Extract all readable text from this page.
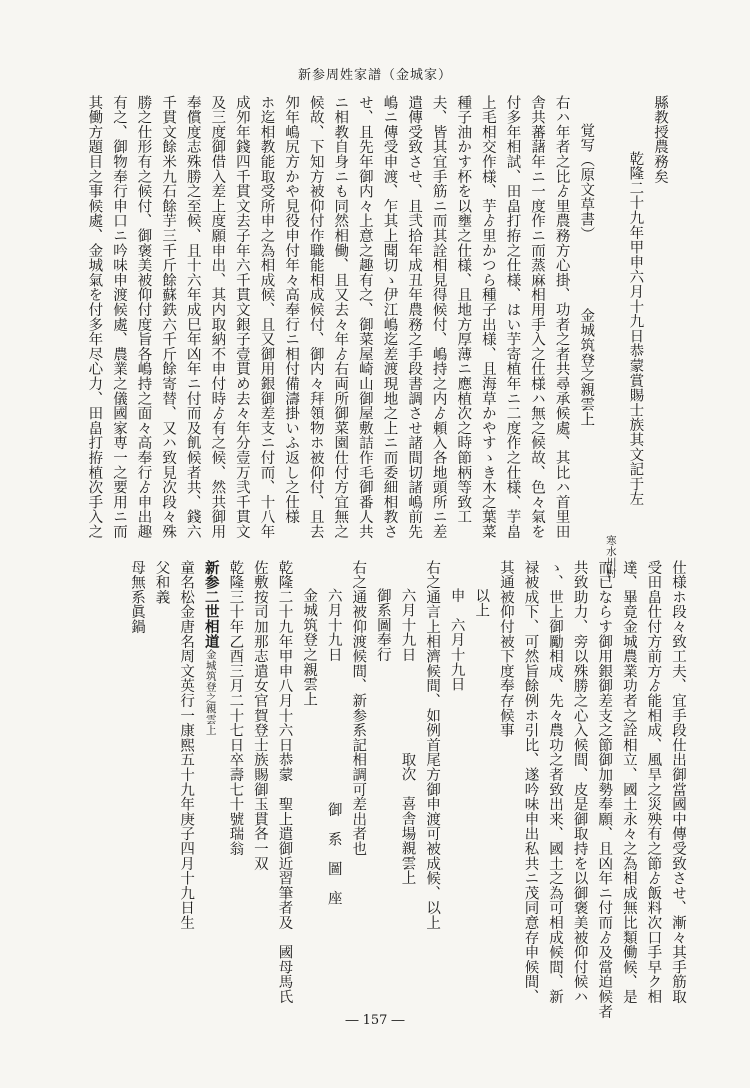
新参周姓家譜（金城家）
縣教授農務矣
乾隆二十九年甲申六月十九日恭蒙賞賜士族其文記于左
寒水川村
覚写（原文草書）　　　　　金城筑登之親雲上
右ハ年者之比ゟ里農務方心掛、功者之者共尋承候處、其比ハ首里田
舎共蕃藷年ニ一度作ニ而蒸麻相用手入之仕様ハ無之候故、色々氣を
付多年相試、田畠打拵之仕様、はい芋寄植年ニ二度作之仕様、芋畠
上毛相交作様、芋ゟ里かつら種子出様、且海草かやすゝき木之葉菜
種子油かす杯を以壅之仕様、且地方厚薄ニ應植次之時節柄等致工
夫、皆其宜手筋ニ而其詮相見得候付、嶋持之内ゟ頼入各地頭所ニ差
遣傳受致させ、且弐拾年成丑年農務之手段書調させ諸間切諸嶋前先
嶋ニ傳受申渡、乍其上聞切ゝ伊江嶋迄差渡現地之上ニ而委細相教さ
せ、且先年御内々上意之趣有之、御菜屋崎山御屋敷詰作毛御番人共
ニ相教自身ニも同然相働、且又去々年ゟ右両所御菜園仕付方宜無之
候故、下知方被仰付作職能相成候付、御内々拜領物ホ被仰付、且去
夘年嶋尻方かや見役申付年々高奉行ニ相付備濤掛いふ返し之仕様
ホ迄相教能取受所申之為相成候、且又御用銀御差支ニ付而、十八年
成夘年錢四千貫文去子年六千貫文銀子壹貫め去々年分壹万弐千貫文
及三度御借入差上度願申出、其内取納不申付時ゟ有之候、然共御用
奉償度志殊勝之至候、且十六年成巳年凶年ニ付而及飢候者共、錢六
千貫文餘米九石餘芋三千斤餘蘇鉄六千斤餘寄替、又ハ致見次段々殊
勝之仕形有之候付、御褒美被仰付度旨各嶋持之面々高奉行ゟ申出趣
有之、御物奉行申口ニ吟味申渡候處、農業之儀國家専一之要用ニ而
其働方題目之事候處、金城氣を付多年尽心力、田畠打拵植次手入之
仕様ホ段々致工夫、宜手段仕出御當國中傳受致させ、漸々其手筋取
受田畠仕付方前方ゟ能相成、風旱之災殃有之節ゟ飯料次口手早ク相
達、畢竟金城農業功者之詮相立、國土永々之為相成無比類働候、是
而已ならす御用銀御差支之節御加勢奉願、且凶年ニ付而ゟ及當迫候者
共致助力、旁以殊勝之心入候間、皮是御取持を以御褒美被仰付候ハ
ゝ、世上御勵相成、先々農功之者致出来、國土之為可相成候間、新
禄被成下、可然旨餘例ホ引比、遂吟味申出私共ニ茂同意存申候間、
其通被仰付被下度奉存候事
以上
申　六月十九日
右之通言上相濟候間、如例首尾方御申渡可被成候、以上
六月十九日取次　喜舎場親雲上
御系圖奉行
右之通被仰渡候間、新参系記相調可差出者也
六月十九日御　系　圖　座
金城筑登之親雲上
乾隆二十九年甲申八月十六日恭蒙　聖上遣御近習筆者及　國母馬氏
佐敷按司加那志遣女官賀登士族賜御玉貫各一双
乾隆三十年乙酉三月二十七日卒壽七十號瑞翁
新参二世相道金城筑登之親雲上
童名松金唐名周文英行一康熙五十九年庚子四月十九日生
父和義
母無系眞鍋
― 157 ―
